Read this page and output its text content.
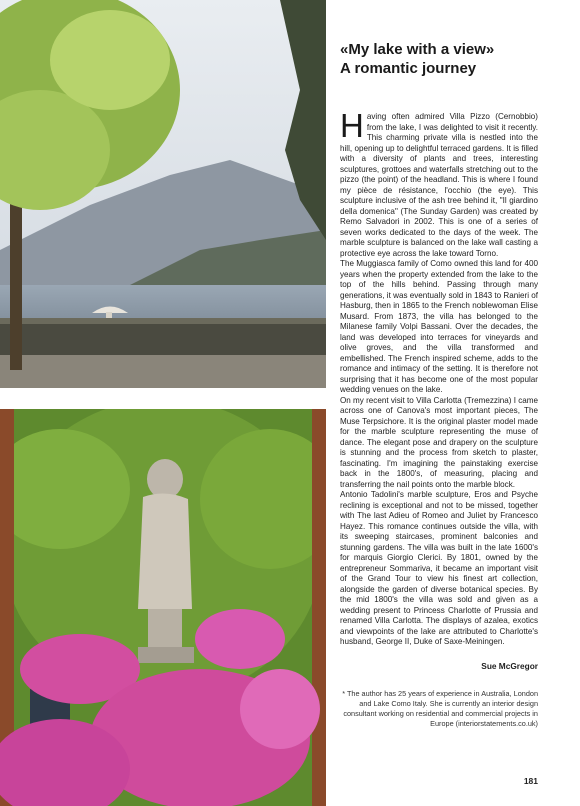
«My lake with a view»
A romantic journey

Having often admired Villa Pizzo (Cernobbio) from the lake, I was delighted to visit it recently. This charming private villa is nestled into the hill, opening up to delightful terraced gardens. It is filled with a diversity of plants and trees, interesting sculptures, grottoes and waterfalls stretching out to the pizzo (the point) of the headland. This is where I found my pièce de résistance, l'occhio (the eye). This sculpture inclusive of the ash tree behind it, "Il giardino della domenica" (The Sunday Garden) was created by Remo Salvadori in 2002. This is one of a series of seven works dedicated to the days of the week. The marble sculpture is balanced on the lake wall casting a protective eye across the lake toward Torno.

The Muggiasca family of Como owned this land for 400 years when the property extended from the lake to the top of the hills behind. Passing through many generations, it was eventually sold in 1843 to Ranieri of Hasburg, then in 1865 to the French noblewoman Elise Musard. From 1873, the villa has belonged to the Milanese family Volpi Bassani. Over the decades, the land was developed into terraces for vineyards and olive groves, and the villa transformed and embellished. The French inspired scheme, adds to the romance and intimacy of the setting. It is therefore not surprising that it has become one of the most popular wedding venues on the lake.

On my recent visit to Villa Carlotta (Tremezzina) I came across one of Canova's most important pieces, The Muse Terpsichore. It is the original plaster model made for the marble sculpture representing the muse of dance. The elegant pose and drapery on the sculpture is stunning and the process from sketch to plaster, fascinating. I'm imagining the painstaking exercise back in the 1800's, of measuring, placing and transferring the nail points onto the marble block.

Antonio Tadolini's marble sculpture, Eros and Psyche reclining is exceptional and not to be missed, together with The last Adieu of Romeo and Juliet by Francesco Hayez. This romance continues outside the villa, with its sweeping staircases, prominent balconies and stunning gardens. The villa was built in the late 1600's for marquis Giorgio Clerici. By 1801, owned by the entrepreneur Sommariva, it became an important visit of the Grand Tour to view his finest art collection, alongside the garden of diverse botanical species. By the mid 1800's the villa was sold and given as a wedding present to Princess Charlotte of Prussia and renamed Villa Carlotta. The displays of azalea, exotics and viewpoints of the lake are attributed to Charlotte's husband, George II, Duke of Saxe-Meiningen.

Sue McGregor
* The author has 25 years of experience in Australia, London and Lake Como Italy. She is currently an interior design consultant working on residential and commercial projects in Europe (interiorstatements.co.uk)
181
